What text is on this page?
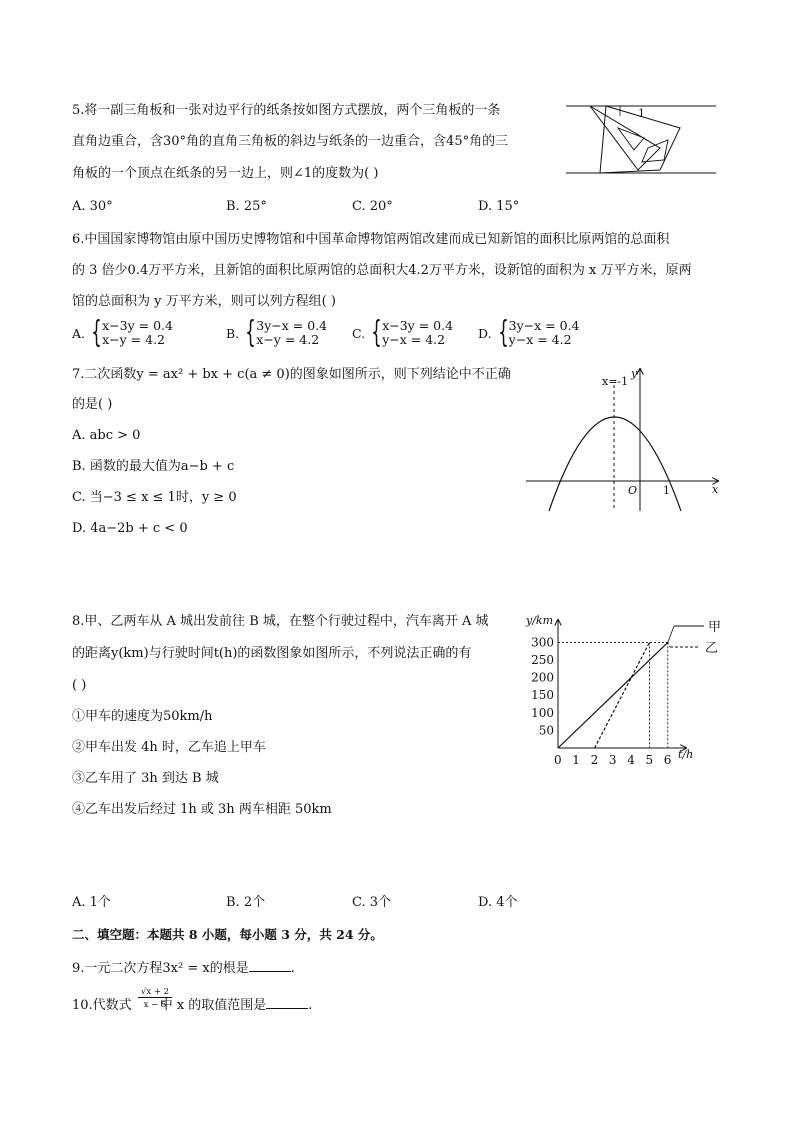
5.将一副三角板和一张对边平行的纸条按如图方式摆放，两个三角板的一条
直角边重合，含30°角的直角三角板的斜边与纸条的一边重合，含45°角的三
角板的一个顶点在纸条的另一边上，则∠1的度数为( )
A. 30°	B. 25°	C. 20°	D. 15°
1
6.中国国家博物馆由原中国历史博物馆和中国革命博物馆两馆改建而成已知新馆的面积比原两馆的总面积
的 3 倍少0.4万平方米，且新馆的面积比原两馆的总面积大4.2万平方米，设新馆的面积为 x 万平方米，原两
馆的总面积为 y 万平方米，则可以列方程组( )
A. { x−3y = 0.4
x−y = 4.2	B. { 3y−x = 0.4
x−y = 4.2	C. { x−3y = 0.4
y−x = 4.2	D. { 3y−x = 0.4
y−x = 4.2
7.二次函数y = ax² + bx + c(a ≠ 0)的图象如图所示，则下列结论中不正确
的是( )
A. abc > 0
B. 函数的最大值为a−b + c
C. 当−3 ≤ x ≤ 1时，y ≥ 0
D. 4a−2b + c < 0
x=-1
y
x
O 1
8.甲、乙两车从 A 城出发前往 B 城，在整个行驶过程中，汽车离开 A 城
的距离y(km)与行驶时间t(h)的函数图象如图所示，不列说法正确的有
( )
①甲车的速度为50km/h
②甲车出发 4h 时，乙车追上甲车
③乙车用了 3h 到达 B 城
④乙车出发后经过 1h 或 3h 两车相距 50km
0 1 2 3 4 5 6
50
100
150
200
250
300
y/km
t/h
甲
乙
A. 1个	B. 2个	C. 3个	D. 4个
二、填空题：本题共 8 小题，每小题 3 分，共 24 分。
9.一元二次方程3x² = x的根是	.
10.代数式 中 x 的取值范围是	.
√x + 2
x − 5
